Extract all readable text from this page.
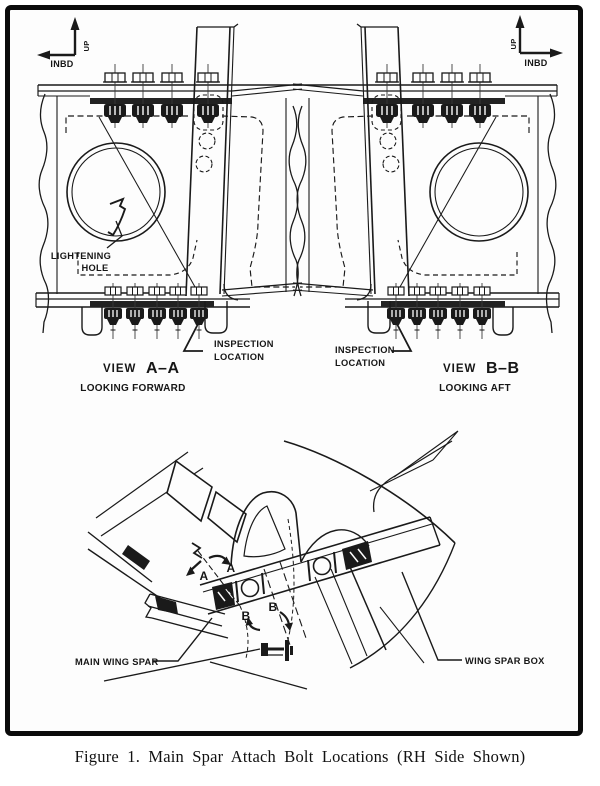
UP
INBD
UP
INBD
LIGHTENING
HOLE
INSPECTION
LOCATION
VIEW A–A
LOOKING FORWARD
INSPECTION
LOCATION	VIEW B–B
LOOKING AFT
A
A
B
B
MAIN WING SPAR	WING SPAR BOX
Figure 1. Main Spar Attach Bolt Locations (RH Side Shown)
